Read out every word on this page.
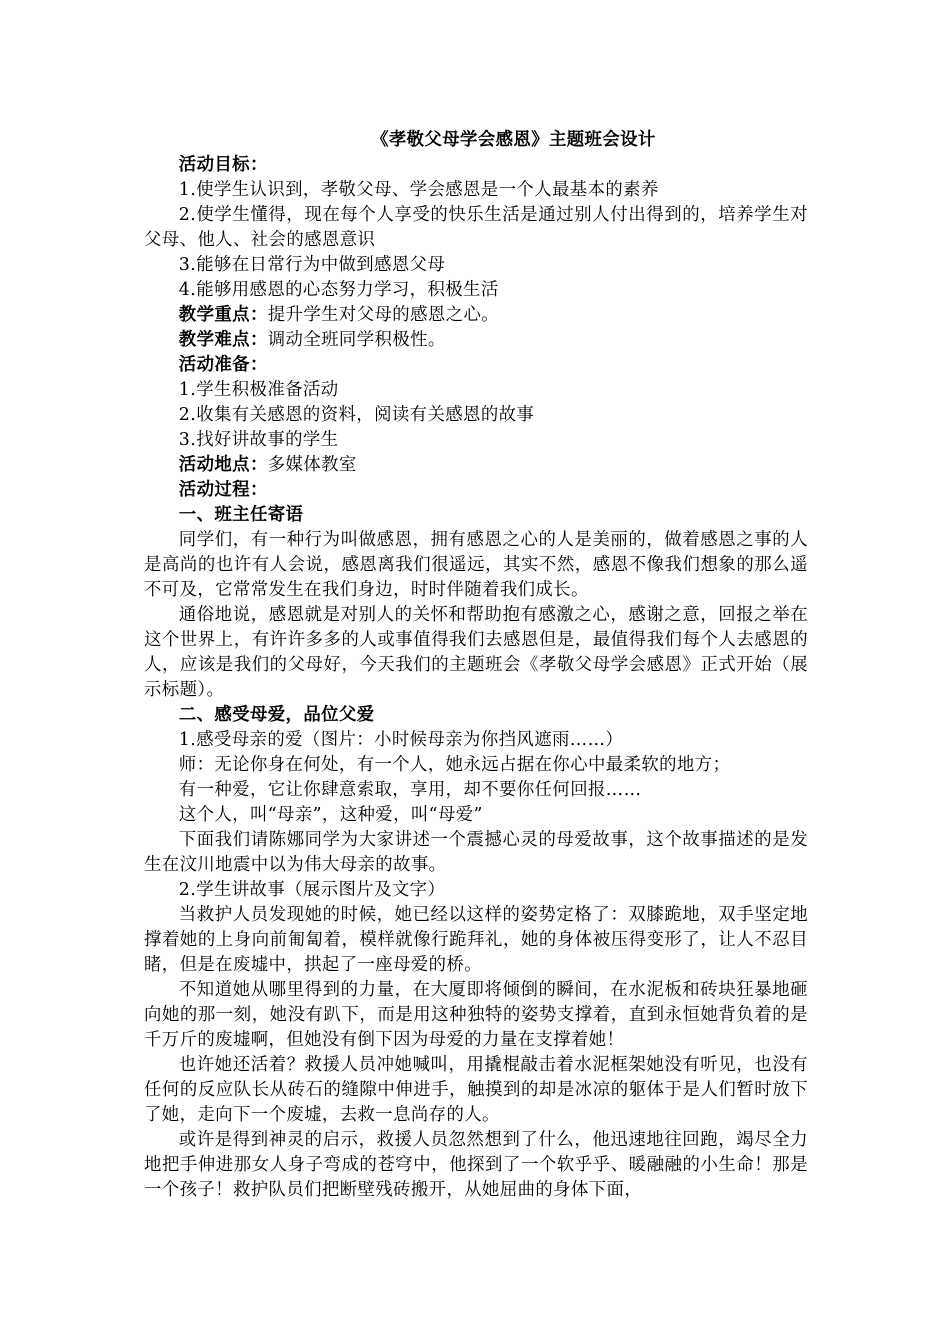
《孝敬父母学会感恩》主题班会设计

活动目标：

1.使学生认识到，孝敬父母、学会感恩是一个人最基本的素养

2.使学生懂得，现在每个人享受的快乐生活是通过别人付出得到的，培养学生对父母、他人、社会的感恩意识

3.能够在日常行为中做到感恩父母

4.能够用感恩的心态努力学习，积极生活

教学重点：提升学生对父母的感恩之心。

教学难点：调动全班同学积极性。

活动准备：

1.学生积极准备活动

2.收集有关感恩的资料，阅读有关感恩的故事

3.找好讲故事的学生

活动地点：多媒体教室

活动过程：

一、班主任寄语

同学们，有一种行为叫做感恩，拥有感恩之心的人是美丽的，做着感恩之事的人是高尚的也许有人会说，感恩离我们很遥远，其实不然，感恩不像我们想象的那么遥不可及，它常常发生在我们身边，时时伴随着我们成长。

通俗地说，感恩就是对别人的关怀和帮助抱有感激之心，感谢之意，回报之举在这个世界上，有许许多多的人或事值得我们去感恩但是，最值得我们每个人去感恩的人，应该是我们的父母好，今天我们的主题班会《孝敬父母学会感恩》正式开始（展示标题）。

二、感受母爱，品位父爱

1.感受母亲的爱（图片：小时候母亲为你挡风遮雨……）

师：无论你身在何处，有一个人，她永远占据在你心中最柔软的地方；

有一种爱，它让你肆意索取，享用，却不要你任何回报……

这个人，叫“母亲”，这种爱，叫“母爱”

下面我们请陈娜同学为大家讲述一个震撼心灵的母爱故事，这个故事描述的是发生在汶川地震中以为伟大母亲的故事。

2.学生讲故事（展示图片及文字）

当救护人员发现她的时候，她已经以这样的姿势定格了：双膝跪地，双手坚定地撑着她的上身向前匍匐着，模样就像行跪拜礼，她的身体被压得变形了，让人不忍目睹，但是在废墟中，拱起了一座母爱的桥。

不知道她从哪里得到的力量，在大厦即将倾倒的瞬间，在水泥板和砖块狂暴地砸向她的那一刻，她没有趴下，而是用这种独特的姿势支撑着，直到永恒她背负着的是千万斤的废墟啊，但她没有倒下因为母爱的力量在支撑着她！

也许她还活着？救援人员冲她喊叫，用撬棍敲击着水泥框架她没有听见，也没有任何的反应队长从砖石的缝隙中伸进手，触摸到的却是冰凉的躯体于是人们暂时放下了她，走向下一个废墟，去救一息尚存的人。

或许是得到神灵的启示，救援人员忽然想到了什么，他迅速地往回跑，竭尽全力地把手伸进那女人身子弯成的苍穹中，他探到了一个软乎乎、暖融融的小生命！那是一个孩子！救护队员们把断壁残砖搬开，从她屈曲的身体下面，
